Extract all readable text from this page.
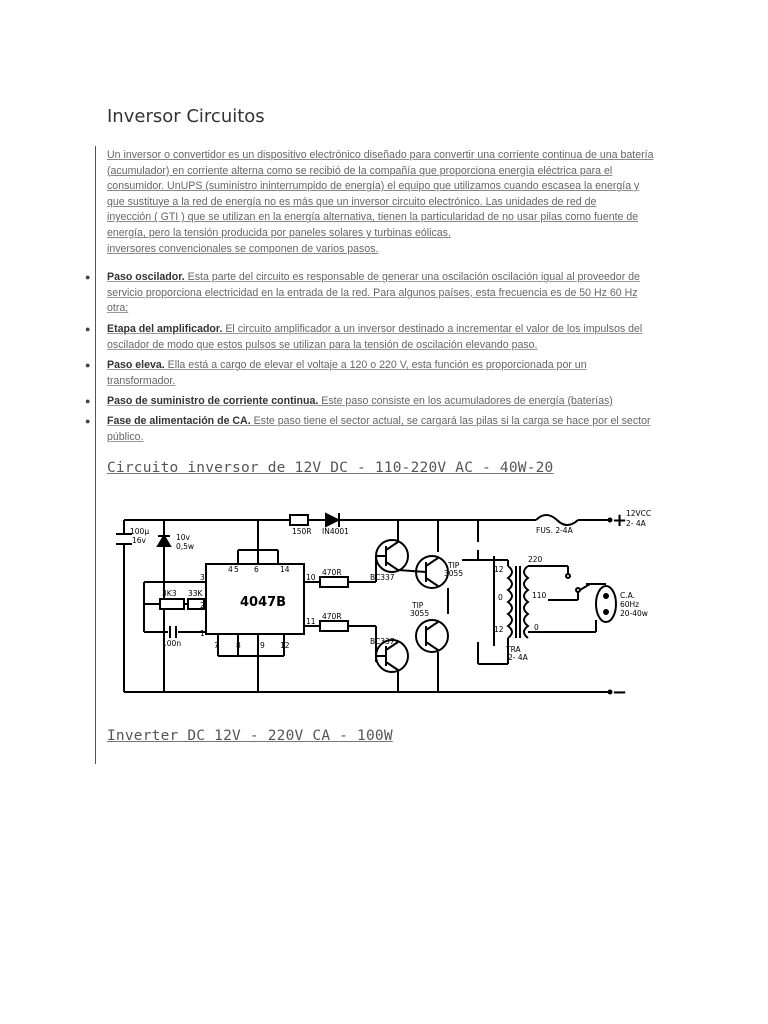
Inversor Circuitos
Un inversor o convertidor es un dispositivo electrónico diseñado para convertir una corriente continua de una batería
(acumulador) en corriente alterna como se recibió de la compañía que proporciona energía eléctrica para el
consumidor. UnUPS (suministro ininterrumpido de energía) el equipo que utilizamos cuando escasea la energía y
que sustituye a la red de energía no es más que un inversor circuito electrónico. Las unidades de red de
inyección ( GTI ) que se utilizan en la energía alternativa, tienen la particularidad de no usar pilas como fuente de
energía, pero la tensión producida por paneles solares y turbinas eólicas.
inversores convencionales se componen de varios pasos.
● Paso oscilador. Esta parte del circuito es responsable de generar una oscilación oscilación igual al proveedor de
servicio proporciona electricidad en la entrada de la red. Para algunos países, esta frecuencia es de 50 Hz 60 Hz
otra;
● Etapa del amplificador. El circuito amplificador a un inversor destinado a incrementar el valor de los impulsos del
oscilador de modo que estos pulsos se utilizan para la tensión de oscilación elevando paso.
● Paso eleva. Ella está a cargo de elevar el voltaje a 120 o 220 V, esta función es proporcionada por un
transformador.
● Paso de suministro de corriente continua. Este paso consiste en los acumuladores de energía (baterías)
● Fase de alimentación de CA. Este paso tiene el sector actual, se cargará las pilas si la carga se hace por el sector
público.
Circuito inversor de 12V DC - 110-220V AC - 40W-20
100µ
16v	10v
0,5w
150R IN4001
3K3 33K
100n
470R
470R
BC337
BC337
TIP
3055
TIP
3055
FUS. 2-4A
12VCC
2- 4A
12
0
12
220
110
0
TRA
2- 4A
C.A.
60Hz
20-40w
4 5 6	14
3
2
1
7 8	9 12
10
11
4047B
+
−
Inverter DC 12V - 220V CA - 100W
